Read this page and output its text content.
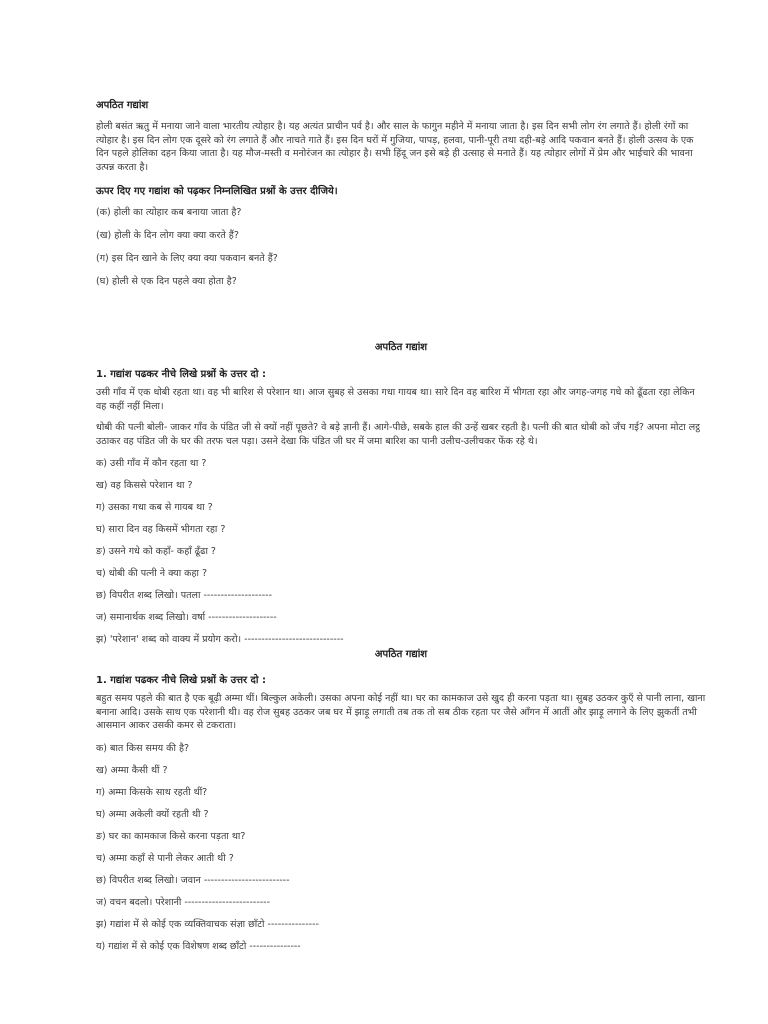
अपठित गद्यांश

होली बसंत ऋतु में मनाया जाने वाला भारतीय त्योहार है। यह अत्यंत प्राचीन पर्व है। और साल के फागुन महीने में मनाया जाता है। इस दिन सभी लोग रंग लगाते हैं। होली रंगों का त्योहार है। इस दिन लोग एक दूसरे को रंग लगाते हैं और नाचते गाते हैं। इस दिन घरों में गुजिया, पापड़, हलवा, पानी-पूरी तथा दही-बड़े आदि पकवान बनते हैं। होली उत्सव के एक दिन पहले होलिका दहन किया जाता है। यह मौज-मस्ती व मनोरंजन का त्योहार है। सभी हिंदू जन इसे बड़े ही उत्साह से मनाते हैं। यह त्योहार लोगों में प्रेम और भाईचारे की भावना उत्पन्न करता है।

ऊपर दिए गए गद्यांश को पढ़कर निम्नलिखित प्रश्नों के उत्तर दीजिये।

(क) होली का त्योहार कब बनाया जाता है?

(ख) होली के दिन लोग क्या क्या करते हैं?

(ग) इस दिन खाने के लिए क्या क्या पकवान बनते हैं?

(घ) होली से एक दिन पहले क्या होता है?

अपठित गद्यांश

1. गद्यांश पढकर नीचे लिखे प्रश्नों के उत्तर दो :

उसी गाँव में एक धोबी रहता था। वह भी बारिश से परेशान था। आज सुबह से उसका गधा गायब था। सारे दिन वह बारिश में भीगता रहा और जगह-जगह गधे को ढूँढता रहा लेकिन वह कहीं नहीं मिला।

धोबी की पत्नी बोली- जाकर गाँव के पंडित जी से क्यों नहीं पूछते? वे बड़े ज्ञानी हैं। आगे-पीछे, सबके हाल की उन्हें खबर रहती है। पत्नी की बात धोबी को जँच गई? अपना मोटा लट्ठ उठाकर वह पंडित जी के घर की तरफ चल पड़ा। उसने देखा कि पंडित जी घर में जमा बारिश का पानी उलीच-उलीचकर फेंक रहे थे।

क) उसी गाँव में कौन रहता था ?

ख) वह किससे परेशान था ?

ग) उसका गधा कब से गायब था ?

घ) सारा दिन वह किसमें भीगता रहा ?

ङ) उसने गधे को कहाँ- कहाँ ढूँढा ?

च) धोबी की पत्नी ने क्या कहा ?

छ) विपरीत शब्द लिखो। पतला --------------------

ज) समानार्थक शब्द लिखो। वर्षा --------------------

झ) 'परेशान' शब्द को वाक्य में प्रयोग करो। -----------------------------

अपठित गद्यांश

1. गद्यांश पढकर नीचे लिखे प्रश्नों के उत्तर दो :

बहुत समय पहले की बात है एक बूढ़ी अम्मा थीं। बिल्कुल अकेली। उसका अपना कोई नहीं था। घर का कामकाज उसे खुद ही करना पड़ता था। सुबह उठकर कुएँ से पानी लाना, खाना बनाना आदि। उसके साथ एक परेशानी थी। वह रोज सुबह उठकर जब घर में झाड़ू लगाती तब तक तो सब ठीक रहता पर जैसे आँगन में आतीं और झाड़ू लगाने के लिए झुकतीं तभी आसमान आकर उसकी कमर से टकराता।

क) बात किस समय की है?

ख) अम्मा कैसी थीं ?

ग) अम्मा किसके साथ रहती थीं?

घ) अम्मा अकेली क्यों रहती थी ?

ङ) घर का कामकाज किसे करना पड़ता था?

च) अम्मा कहाँ से पानी लेकर आती थी ?

छ) विपरीत शब्द लिखो। जवान -------------------------

ज) वचन बदलो। परेशानी -------------------------

झ) गद्यांश में से कोई एक व्यक्तिवाचक संज्ञा छाँटो ---------------

य) गद्यांश में से कोई एक विशेषण शब्द छाँटो ---------------
